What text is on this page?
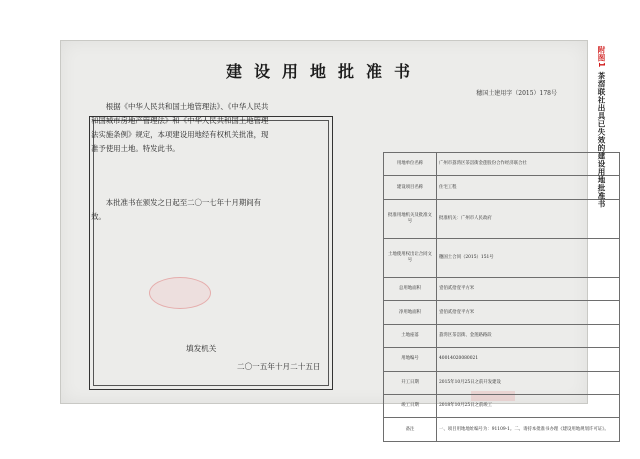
建设用地批准书
穗国土建用字（2015）178号

根据《中华人民共和国土地管理法》、《中华人民共和国城市房地产管理法》和《中华人民共和国土地管理法实施条例》规定，本项建设用地经有权机关批准，现准予使用土地。特发此书。

本批准书在颁发之日起至二〇一七年十月期间有效。

填发机关
二〇一五年十月二十五日
用地单位名称	广州市荔湾区茶滘街金莲股份合作经济联合社
建设项目名称	住宅工程
批准用地机关及批准文号	批准机关：广州市人民政府
土地使用权出让合同文号	穗国土合同（2015）151号
总用地面积	壹佰贰拾壹平方米
净用地面积	壹佰贰拾壹平方米
土地座落	荔湾区茶滘街、金莲路路段
用地编号	40014020080021
开工日期	2015年10月25日之前开发建设
竣工日期	2018年10月25日之前竣工
备注	一、项目用地地址编号为：91109-1。二、请持本批准书办理《建设用地规划许可证》。
附图1茶滘联社出具已失效的建设用地批准书
